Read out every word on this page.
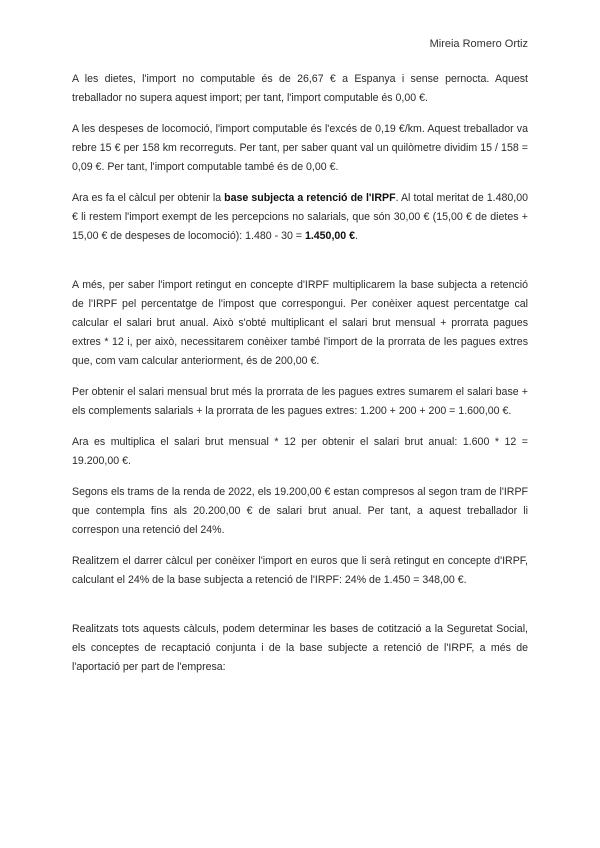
Mireia Romero Ortiz

A les dietes, l'import no computable és de 26,67 € a Espanya i sense pernocta. Aquest treballador no supera aquest import; per tant, l'import computable és 0,00 €.

A les despeses de locomoció, l'import computable és l'excés de 0,19 €/km. Aquest treballador va rebre 15 € per 158 km recorreguts. Per tant, per saber quant val un quilòmetre dividim 15 / 158 = 0,09 €. Per tant, l'import computable també és de 0,00 €.

Ara es fa el càlcul per obtenir la base subjecta a retenció de l'IRPF. Al total meritat de 1.480,00 € li restem l'import exempt de les percepcions no salarials, que són 30,00 € (15,00 € de dietes + 15,00 € de despeses de locomoció): 1.480 - 30 = 1.450,00 €.

A més, per saber l'import retingut en concepte d'IRPF multiplicarem la base subjecta a retenció de l'IRPF pel percentatge de l'impost que correspongui. Per conèixer aquest percentatge cal calcular el salari brut anual. Això s'obté multiplicant el salari brut mensual + prorrata pagues extres * 12 i, per això, necessitarem conèixer també l'import de la prorrata de les pagues extres que, com vam calcular anteriorment, és de 200,00 €.

Per obtenir el salari mensual brut més la prorrata de les pagues extres sumarem el salari base + els complements salarials + la prorrata de les pagues extres: 1.200 + 200 + 200 = 1.600,00 €.

Ara es multiplica el salari brut mensual * 12 per obtenir el salari brut anual: 1.600 * 12 = 19.200,00 €.

Segons els trams de la renda de 2022, els 19.200,00 € estan compresos al segon tram de l'IRPF que contempla fins als 20.200,00 € de salari brut anual. Per tant, a aquest treballador li correspon una retenció del 24%.

Realitzem el darrer càlcul per conèixer l'import en euros que li serà retingut en concepte d'IRPF, calculant el 24% de la base subjecta a retenció de l'IRPF: 24% de 1.450 = 348,00 €.

Realitzats tots aquests càlculs, podem determinar les bases de cotització a la Seguretat Social, els conceptes de recaptació conjunta i de la base subjecte a retenció de l'IRPF, a més de l'aportació per part de l'empresa:
